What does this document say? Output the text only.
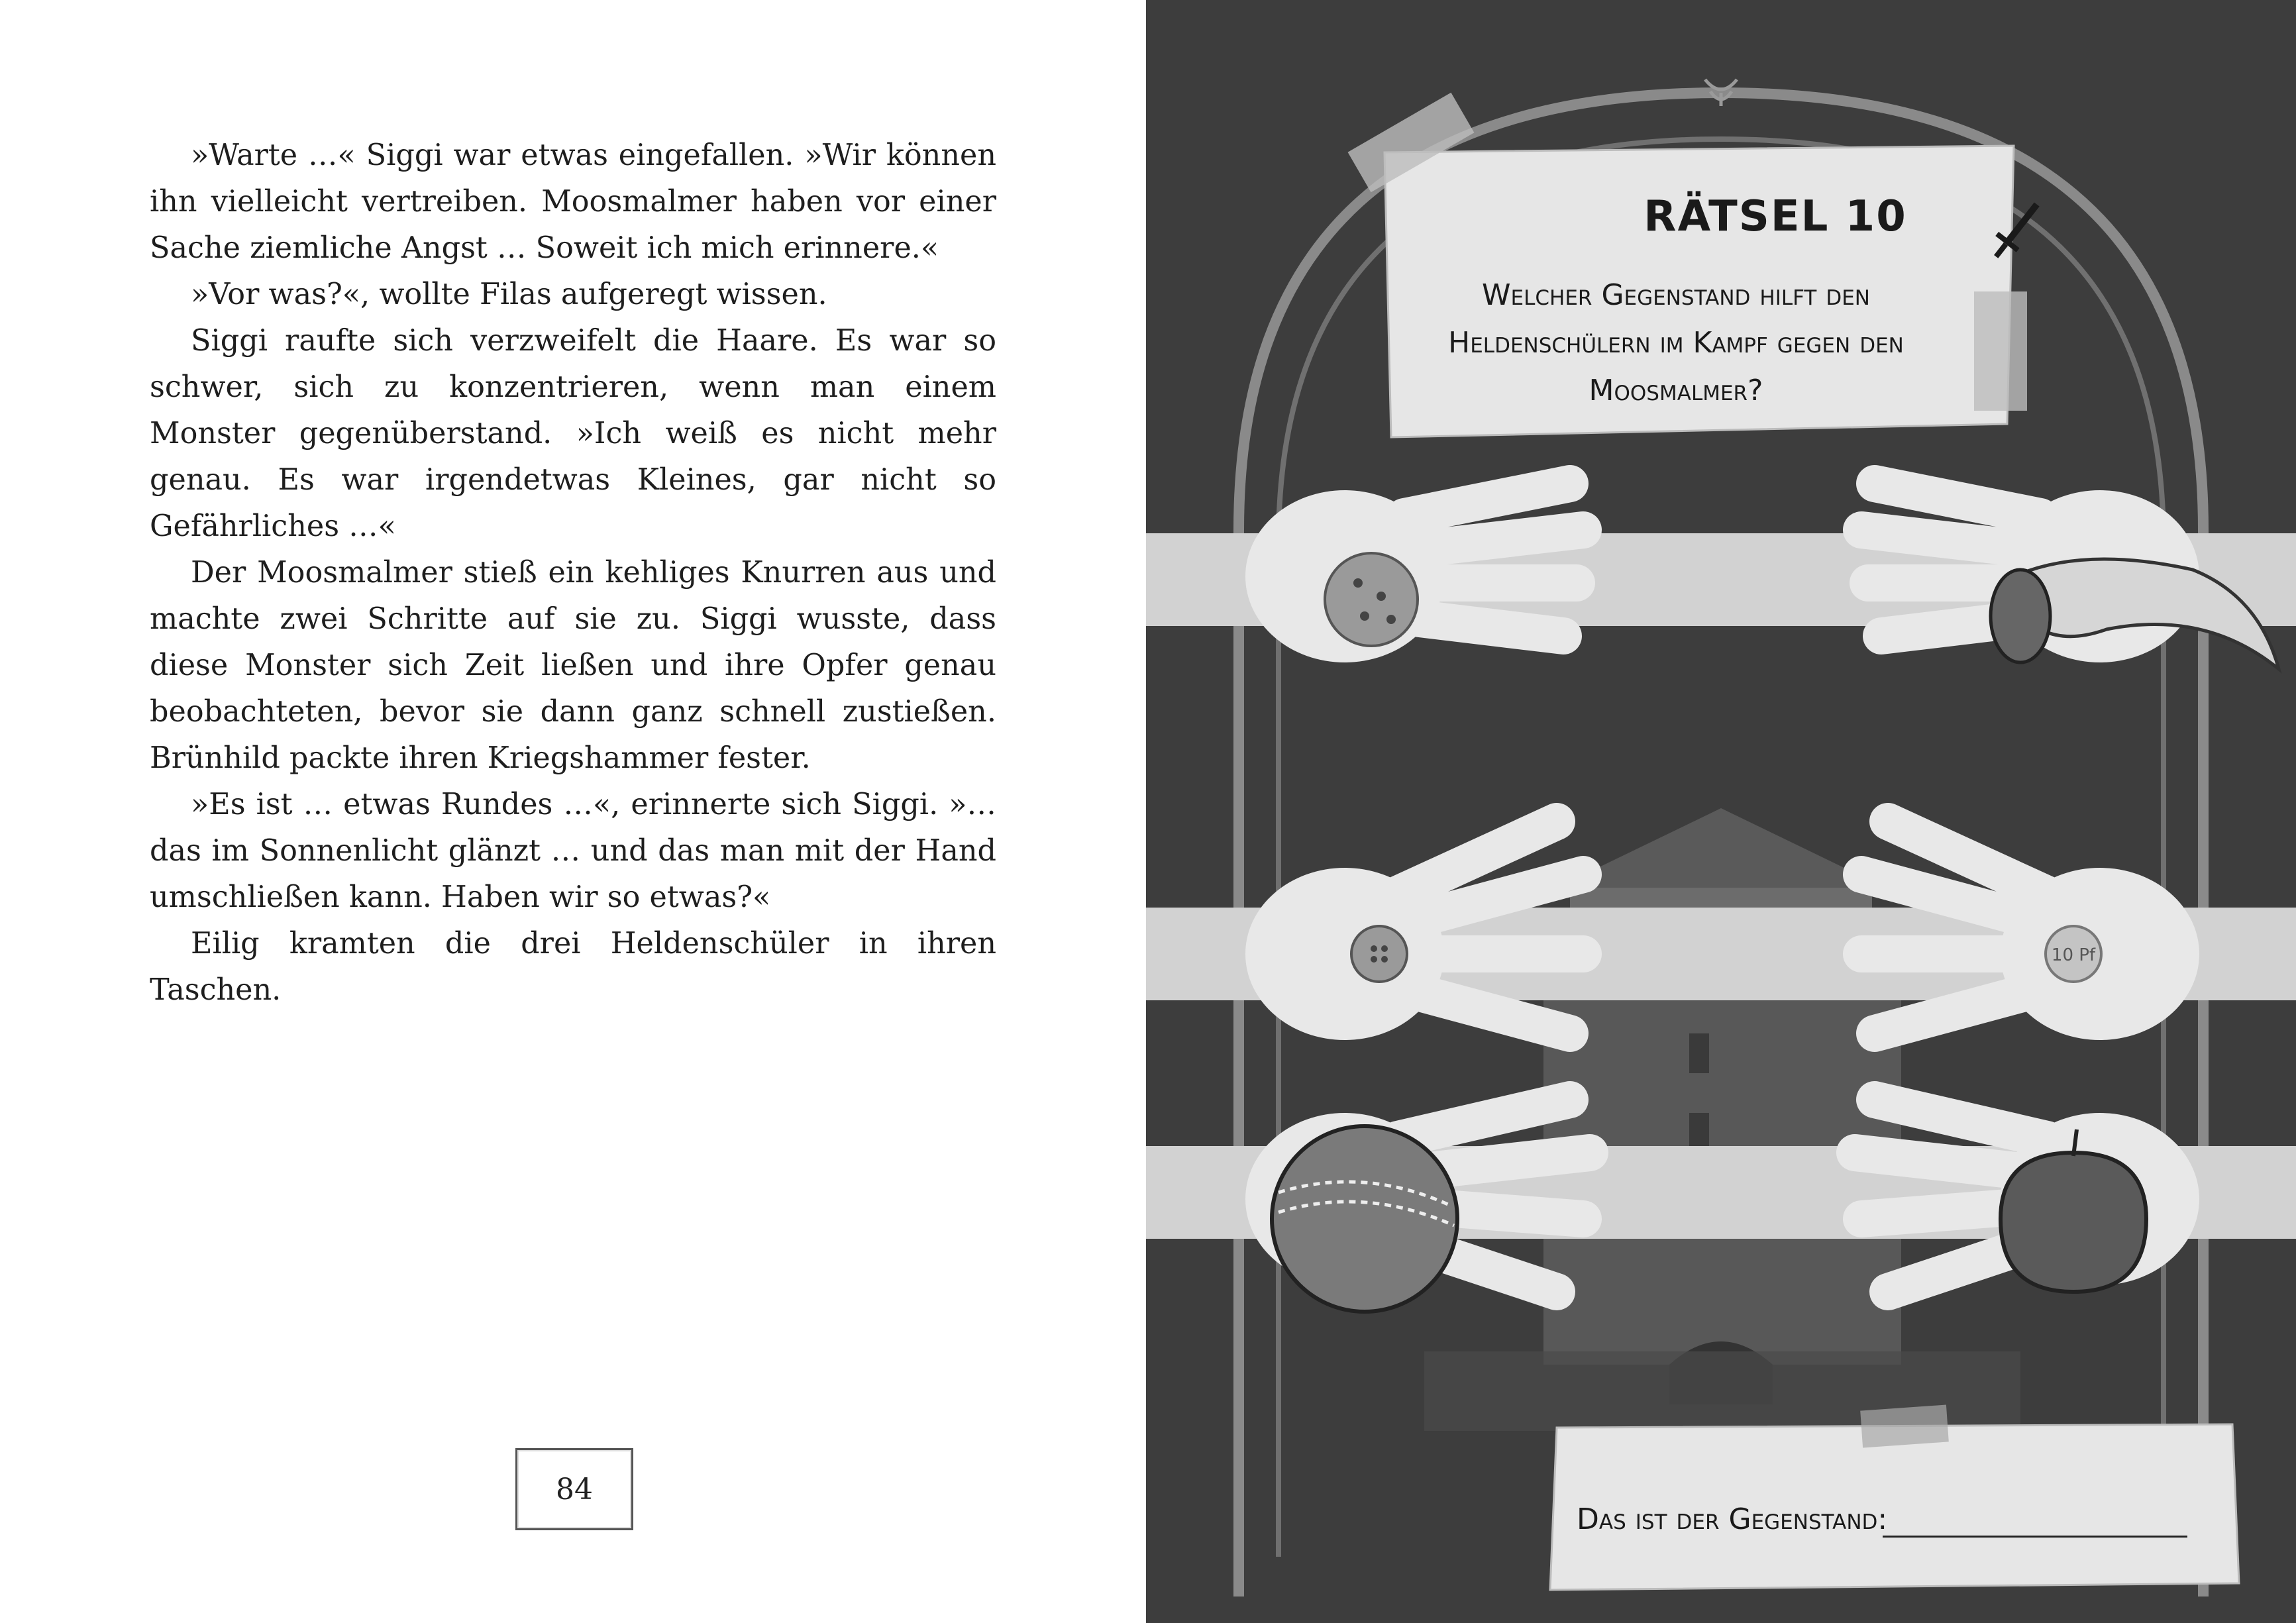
»Warte …« Siggi war etwas eingefallen. »Wir können ihn vielleicht vertreiben. Moosmalmer haben vor einer Sache ziemliche Angst … Soweit ich mich erinnere.«

»Vor was?«, wollte Filas aufgeregt wissen.

Siggi raufte sich verzweifelt die Haare. Es war so schwer, sich zu konzentrieren, wenn man einem Monster gegenüberstand. »Ich weiß es nicht mehr genau. Es war irgendetwas Kleines, gar nicht so Gefährliches …«

Der Moosmalmer stieß ein kehliges Knurren aus und machte zwei Schritte auf sie zu. Siggi wusste, dass diese Monster sich Zeit ließen und ihre Opfer genau beobachteten, bevor sie dann ganz schnell zustießen. Brünhild packte ihren Kriegshammer fester.

»Es ist … etwas Rundes …«, erinnerte sich Siggi. »… das im Sonnenlicht glänzt … und das man mit der Hand umschließen kann. Haben wir so etwas?«

Eilig kramten die drei Heldenschüler in ihren Taschen.

84
10 Pf
RÄTSEL 10
Welcher Gegenstand hilft den Heldenschülern im Kampf gegen den Moosmalmer?
Das ist der Gegenstand:
